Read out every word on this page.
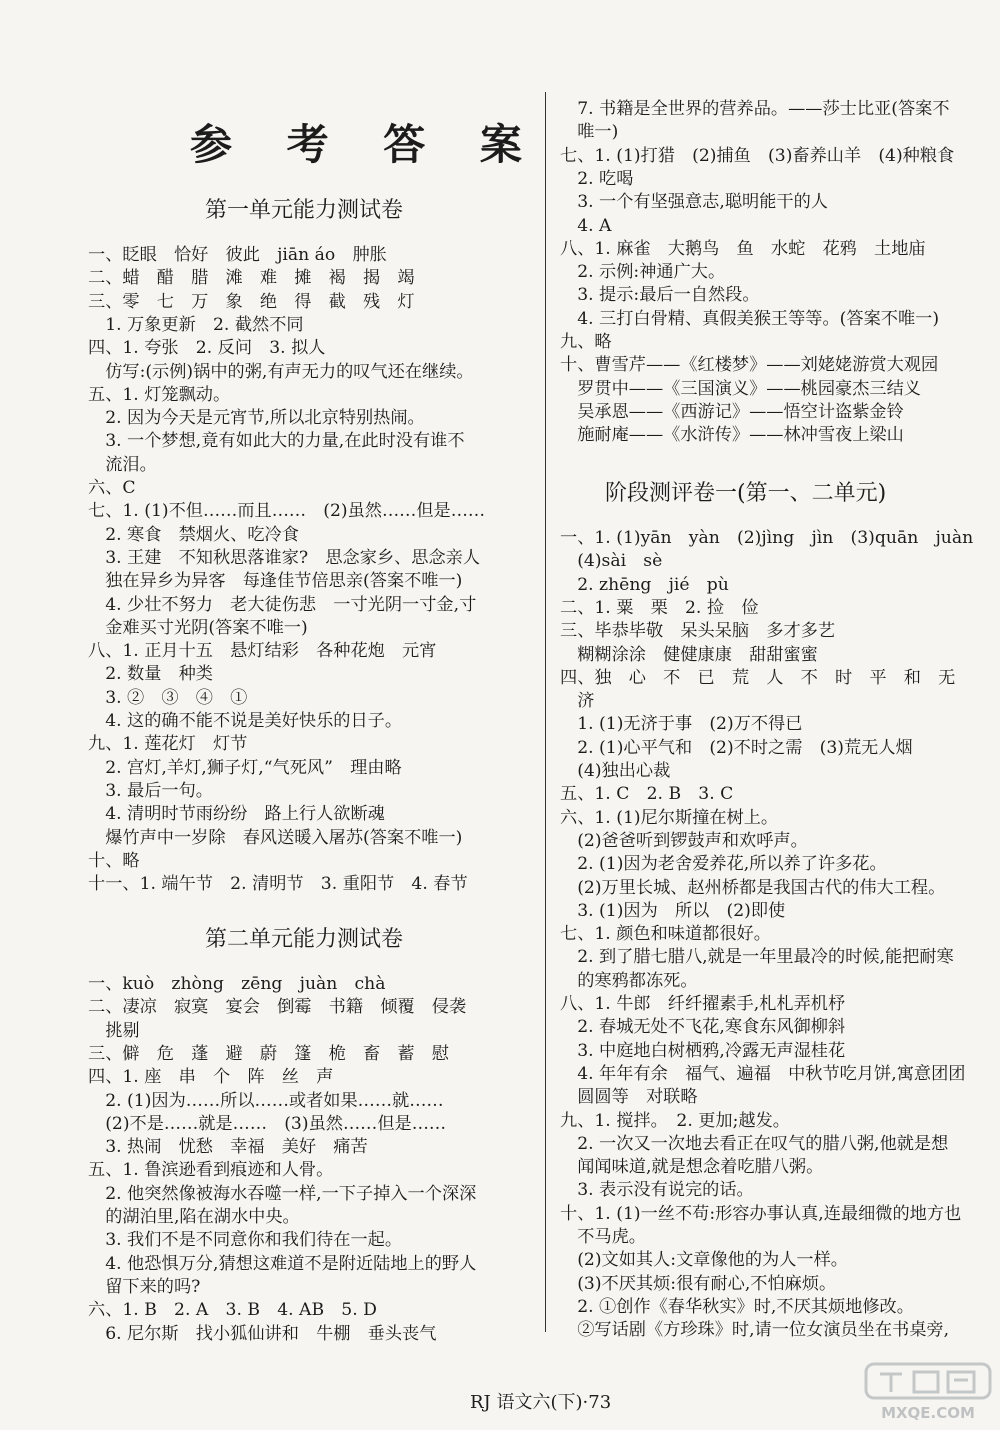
参 考 答 案
第一单元能力测试卷
一、眨眼　恰好　彼此　jiān áo　肿胀
二、蜡　醋　腊　滩　难　摊　褐　揭　竭
三、零　七　万　象　绝　得　截　残　灯
　1. 万象更新　2. 截然不同
四、1. 夸张　2. 反问　3. 拟人
　仿写:(示例)锅中的粥,有声无力的叹气还在继续。
五、1. 灯笼飘动。
　2. 因为今天是元宵节,所以北京特别热闹。
　3. 一个梦想,竟有如此大的力量,在此时没有谁不
　流泪。
六、C
七、1. (1)不但……而且……　(2)虽然……但是……
　2. 寒食　禁烟火、吃冷食
　3. 王建　不知秋思落谁家?　思念家乡、思念亲人
　独在异乡为异客　每逢佳节倍思亲(答案不唯一)
　4. 少壮不努力　老大徒伤悲　一寸光阴一寸金,寸
　金难买寸光阴(答案不唯一)
八、1. 正月十五　悬灯结彩　各种花炮　元宵
　2. 数量　种类
　3. ②　③　④　①
　4. 这的确不能不说是美好快乐的日子。
九、1. 莲花灯　灯节
　2. 宫灯,羊灯,狮子灯,“气死风”　理由略
　3. 最后一句。
　4. 清明时节雨纷纷　路上行人欲断魂
　爆竹声中一岁除　春风送暖入屠苏(答案不唯一)
十、略
十一、1. 端午节　2. 清明节　3. 重阳节　4. 春节
第二单元能力测试卷
一、kuò　zhòng　zēng　juàn　chà
二、凄凉　寂寞　宴会　倒霉　书籍　倾覆　侵袭
　挑剔
三、僻　危　蓬　避　蔚　篷　桅　畜　蓄　慰
四、1. 座　串　个　阵　丝　声
　2. (1)因为……所以……或者如果……就……
　(2)不是……就是……　(3)虽然……但是……
　3. 热闹　忧愁　幸福　美好　痛苦
五、1. 鲁滨逊看到痕迹和人骨。
　2. 他突然像被海水吞噬一样,一下子掉入一个深深
　的湖泊里,陷在湖水中央。
　3. 我们不是不同意你和我们待在一起。
　4. 他恐惧万分,猜想这难道不是附近陆地上的野人
　留下来的吗?
六、1. B　2. A　3. B　4. AB　5. D
　6. 尼尔斯　找小狐仙讲和　牛棚　垂头丧气
　7. 书籍是全世界的营养品。——莎士比亚(答案不
　唯一)
七、1. (1)打猎　(2)捕鱼　(3)畜养山羊　(4)种粮食
　2. 吃喝
　3. 一个有坚强意志,聪明能干的人
　4. A
八、1. 麻雀　大鹅鸟　鱼　水蛇　花鸦　土地庙
　2. 示例:神通广大。
　3. 提示:最后一自然段。
　4. 三打白骨精、真假美猴王等等。(答案不唯一)
九、略
十、曹雪芹——《红楼梦》——刘姥姥游赏大观园
　罗贯中——《三国演义》——桃园豪杰三结义
　吴承恩——《西游记》——悟空计盗紫金铃
　施耐庵——《水浒传》——林冲雪夜上梁山
阶段测评卷一(第一、二单元)
一、1. (1)yān　yàn　(2)jìng　jìn　(3)quān　juàn
　(4)sài　sè
　2. zhēng　jié　pù
二、1. 粟　栗　2. 捡　俭
三、毕恭毕敬　呆头呆脑　多才多艺
　糊糊涂涂　健健康康　甜甜蜜蜜
四、独　心　不　已　荒　人　不　时　平　和　无
　济
　1. (1)无济于事　(2)万不得已
　2. (1)心平气和　(2)不时之需　(3)荒无人烟
　(4)独出心裁
五、1. C　2. B　3. C
六、1. (1)尼尔斯撞在树上。
　(2)爸爸听到锣鼓声和欢呼声。
　2. (1)因为老舍爱养花,所以养了许多花。
　(2)万里长城、赵州桥都是我国古代的伟大工程。
　3. (1)因为　所以　(2)即使
七、1. 颜色和味道都很好。
　2. 到了腊七腊八,就是一年里最冷的时候,能把耐寒
　的寒鸦都冻死。
八、1. 牛郎　纤纤擢素手,札札弄机杼
　2. 春城无处不飞花,寒食东风御柳斜
　3. 中庭地白树栖鸦,冷露无声湿桂花
　4. 年年有余　福气、遍福　中秋节吃月饼,寓意团团
　圆圆等　对联略
九、1. 搅拌。　2. 更加;越发。
　2. 一次又一次地去看正在叹气的腊八粥,他就是想
　闻闻味道,就是想念着吃腊八粥。
　3. 表示没有说完的话。
十、1. (1)一丝不苟:形容办事认真,连最细微的地方也
　不马虎。
　(2)文如其人:文章像他的为人一样。
　(3)不厌其烦:很有耐心,不怕麻烦。
　2. ①创作《春华秋实》时,不厌其烦地修改。
　②写话剧《方珍珠》时,请一位女演员坐在书桌旁,
RJ 语文六(下)·73	MXQE.COM
